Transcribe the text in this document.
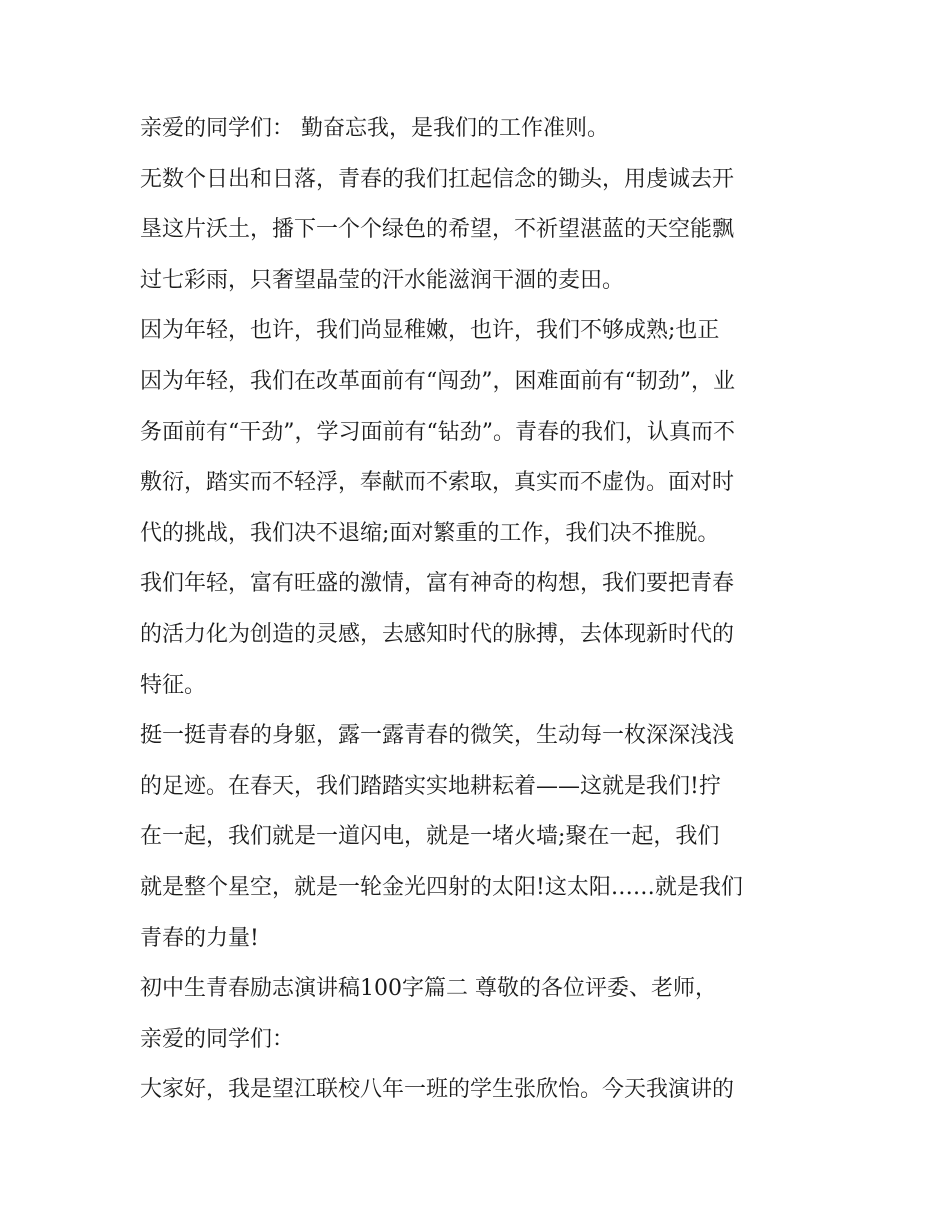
亲爱的同学们： 勤奋忘我，是我们的工作准则。
无数个日出和日落，青春的我们扛起信念的锄头，用虔诚去开
垦这片沃土，播下一个个绿色的希望，不祈望湛蓝的天空能飘
过七彩雨，只奢望晶莹的汗水能滋润干涸的麦田。
因为年轻，也许，我们尚显稚嫩，也许，我们不够成熟;也正
因为年轻，我们在改革面前有“闯劲”，困难面前有“韧劲”，业
务面前有“干劲”，学习面前有“钻劲”。青春的我们，认真而不
敷衍，踏实而不轻浮，奉献而不索取，真实而不虚伪。面对时
代的挑战，我们决不退缩;面对繁重的工作，我们决不推脱。
我们年轻，富有旺盛的激情，富有神奇的构想，我们要把青春
的活力化为创造的灵感，去感知时代的脉搏，去体现新时代的
特征。
挺一挺青春的身躯，露一露青春的微笑，生动每一枚深深浅浅
的足迹。在春天，我们踏踏实实地耕耘着——这就是我们!拧
在一起，我们就是一道闪电，就是一堵火墙;聚在一起，我们
就是整个星空，就是一轮金光四射的太阳!这太阳……就是我们
青春的力量!
初中生青春励志演讲稿100字篇二 尊敬的各位评委、老师，
亲爱的同学们：
大家好，我是望江联校八年一班的学生张欣怡。今天我演讲的
